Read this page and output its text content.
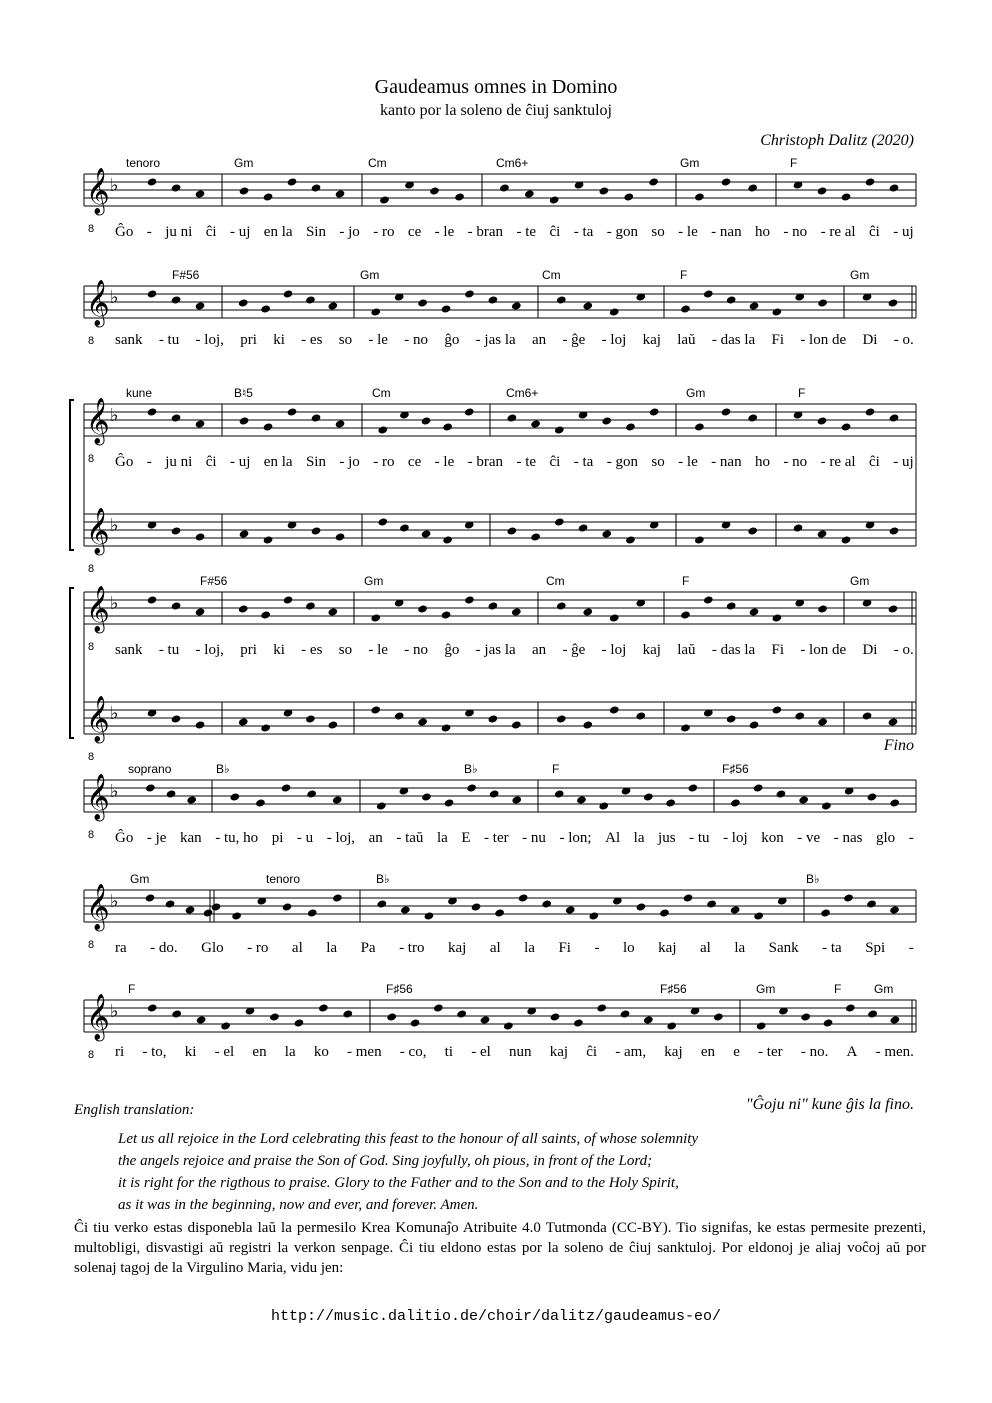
Gaudeamus omnes in Domino
kanto por la soleno de ĉiuj sanktuloj
Christoph Dalitz (2020)
𝄞 ♭
8
tenoro	Gm	Cm	Cm6+	Gm	F
Ĝo - ju ni ĉi - uj en la Sin - jo - ro ce - le - bran - te ĉi - ta - gon so - le - nan ho - no - re al ĉi - uj
𝄞 ♭
8
F#56	Gm	Cm	F	Gm
sank - tu - loj, pri ki - es so - le - no ĝo - jas la an - ĝe - loj kaj laŭ - das la Fi - lon de Di - o.
𝄞 ♭
8
𝄞 ♭
8
kune	B♮5	Cm	Cm6+	Gm	F
Ĝo - ju ni ĉi - uj en la Sin - jo - ro ce - le - bran - te ĉi - ta - gon so - le - nan ho - no - re al ĉi - uj
𝄞 ♭
8
𝄞 ♭
8
F#56	Gm	Cm	F	Gm
sank - tu - loj, pri ki - es so - le - no ĝo - jas la an - ĝe - loj kaj laŭ - das la Fi - lon de Di - o.
Fino
𝄞 ♭
8
soprano	B♭	B♭	F	F♯56
Ĝo - je kan - tu, ho pi - u - loj, an - taŭ la E - ter - nu - lon; Al la jus - tu - loj kon - ve - nas glo -
𝄞 ♭
8
Gm	tenoro	B♭	B♭
ra - do. Glo - ro al la Pa - tro kaj al la Fi - lo kaj al la Sank - ta Spi -
𝄞 ♭
8
F	F♯56	F♯56	Gm	F	Gm
ri - to, ki - el en la ko - men - co, ti - el nun kaj ĉi - am, kaj en e - ter - no. A - men.
"Ĝoju ni" kune ĝis la fino.
English translation:
Let us all rejoice in the Lord celebrating this feast to the honour of all saints, of whose solemnity
the angels rejoice and praise the Son of God. Sing joyfully, oh pious, in front of the Lord;
it is right for the rigthous to praise. Glory to the Father and to the Son and to the Holy Spirit,
as it was in the beginning, now and ever, and forever. Amen.
Ĉi tiu verko estas disponebla laŭ la permesilo Krea Komunaĵo Atribuite 4.0 Tutmonda (CC-BY). Tio signifas, ke estas permesite prezenti, multobligi, disvastigi aŭ registri la verkon senpage. Ĉi tiu eldono estas por la soleno de ĉiuj sanktuloj. Por eldonoj je aliaj voĉoj aŭ por solenaj tagoj de la Virgulino Maria, vidu jen:
http://music.dalitio.de/choir/dalitz/gaudeamus-eo/
